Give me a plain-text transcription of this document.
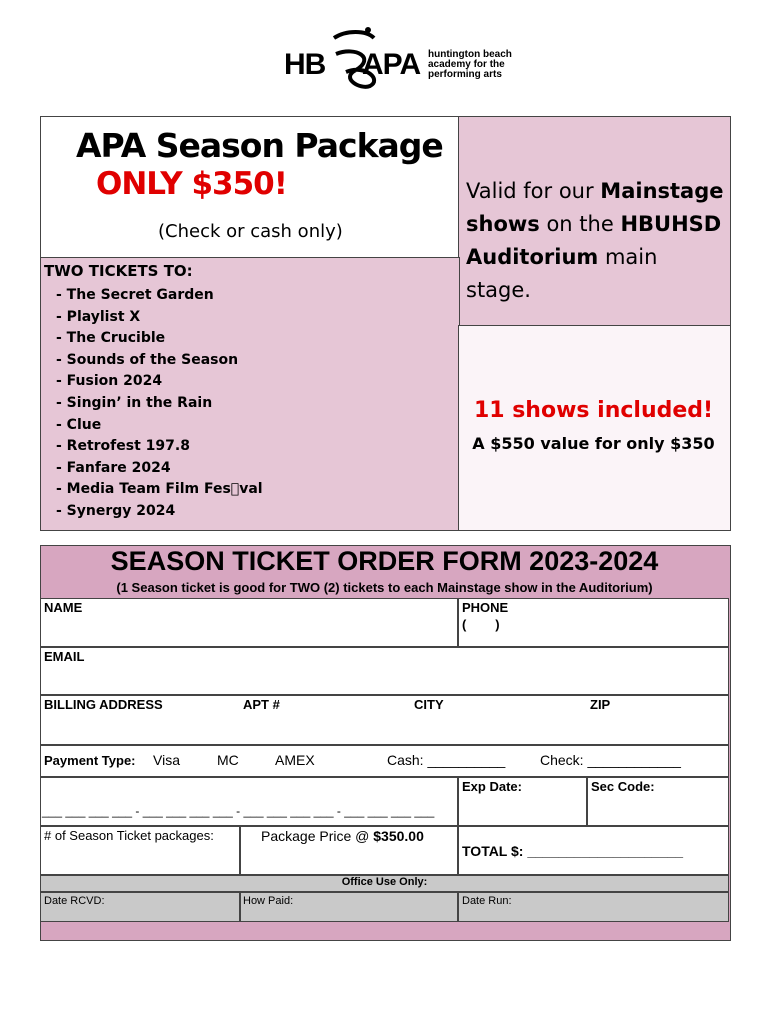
HB APA huntington beach
academy for the
performing arts
APA Season Package
ONLY $350!
(Check or cash only)
Valid for our Mainstage shows on the HBUHSD Auditorium main stage.
TWO TICKETS TO:
- The Secret Garden
- Playlist X
- The Crucible
- Sounds of the Season
- Fusion 2024
- Singin’ in the Rain
- Clue
- Retrofest 197.8
- Fanfare 2024
- Media Team Film Fes val
- Synergy 2024
11 shows included!
A $550 value for only $350
SEASON TICKET ORDER FORM 2023-2024
(1 Season ticket is good for TWO (2) tickets to each Mainstage show in the Auditorium)
NAME	PHONE
(        )
EMAIL
BILLING ADDRESS	APT #	CITY	ZIP
Payment Type: Visa	MC	AMEX	Cash: __________ Check: ____________
___ ___ ___ ___ - ___ ___ ___ ___ - ___ ___ ___ ___ - ___ ___ ___ ___
Exp Date:	Sec Code:
# of Season Ticket packages:	Package Price @ $350.00
TOTAL $: ____________________
Office Use Only:
Date RCVD:	How Paid:	Date Run:
